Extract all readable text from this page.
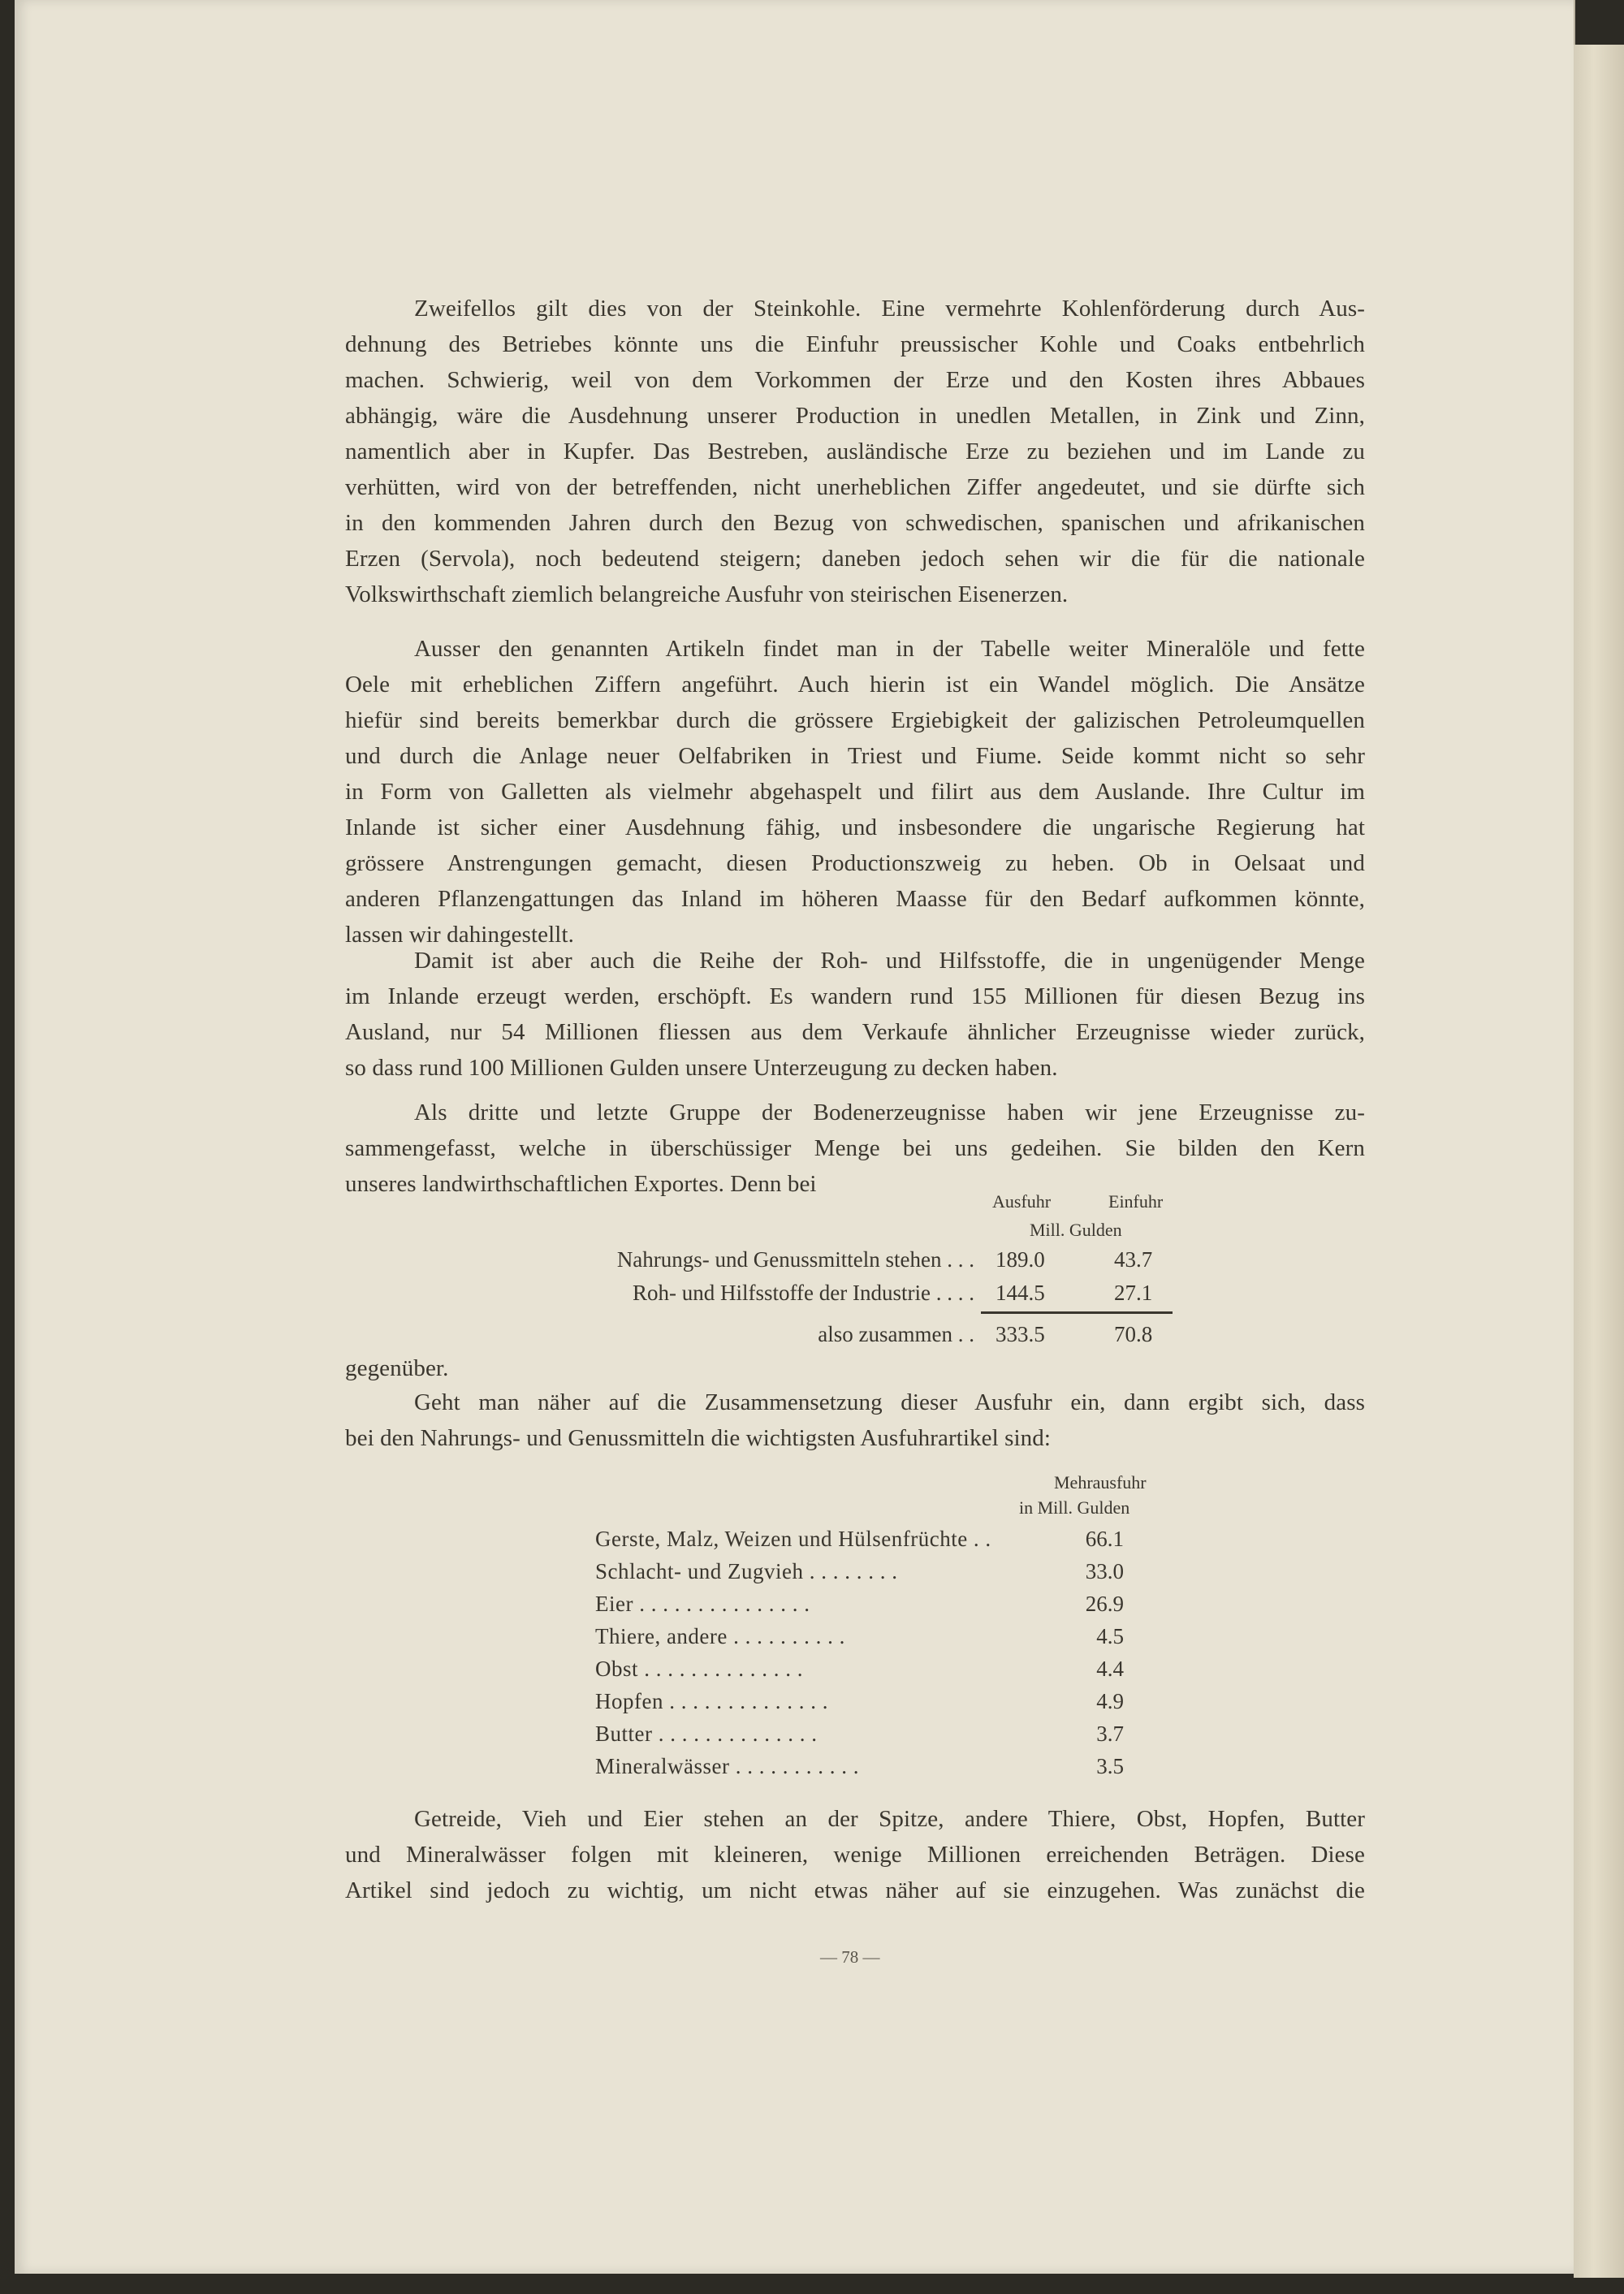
Zweifellos gilt dies von der Steinkohle. Eine vermehrte Kohlenförderung durch Aus-
dehnung des Betriebes könnte uns die Einfuhr preussischer Kohle und Coaks entbehrlich
machen. Schwierig, weil von dem Vorkommen der Erze und den Kosten ihres Abbaues
abhängig, wäre die Ausdehnung unserer Production in unedlen Metallen, in Zink und Zinn,
namentlich aber in Kupfer. Das Bestreben, ausländische Erze zu beziehen und im Lande zu
verhütten, wird von der betreffenden, nicht unerheblichen Ziffer angedeutet, und sie dürfte sich
in den kommenden Jahren durch den Bezug von schwedischen, spanischen und afrikanischen
Erzen (Servola), noch bedeutend steigern; daneben jedoch sehen wir die für die nationale
Volkswirthschaft ziemlich belangreiche Ausfuhr von steirischen Eisenerzen.
Ausser den genannten Artikeln findet man in der Tabelle weiter Mineralöle und fette
Oele mit erheblichen Ziffern angeführt. Auch hierin ist ein Wandel möglich. Die Ansätze
hiefür sind bereits bemerkbar durch die grössere Ergiebigkeit der galizischen Petroleumquellen
und durch die Anlage neuer Oelfabriken in Triest und Fiume. Seide kommt nicht so sehr
in Form von Galletten als vielmehr abgehaspelt und filirt aus dem Auslande. Ihre Cultur im
Inlande ist sicher einer Ausdehnung fähig, und insbesondere die ungarische Regierung hat
grössere Anstrengungen gemacht, diesen Productionszweig zu heben. Ob in Oelsaat und
anderen Pflanzengattungen das Inland im höheren Maasse für den Bedarf aufkommen könnte,
lassen wir dahingestellt.
Damit ist aber auch die Reihe der Roh- und Hilfsstoffe, die in ungenügender Menge
im Inlande erzeugt werden, erschöpft. Es wandern rund 155 Millionen für diesen Bezug ins
Ausland, nur 54 Millionen fliessen aus dem Verkaufe ähnlicher Erzeugnisse wieder zurück,
so dass rund 100 Millionen Gulden unsere Unterzeugung zu decken haben.
Als dritte und letzte Gruppe der Bodenerzeugnisse haben wir jene Erzeugnisse zu-
sammengefasst, welche in überschüssiger Menge bei uns gedeihen. Sie bilden den Kern
unseres landwirthschaftlichen Exportes. Denn bei
gegenüber.
Geht man näher auf die Zusammensetzung dieser Ausfuhr ein, dann ergibt sich, dass
bei den Nahrungs- und Genussmitteln die wichtigsten Ausfuhrartikel sind:
Getreide, Vieh und Eier stehen an der Spitze, andere Thiere, Obst, Hopfen, Butter
und Mineralwässer folgen mit kleineren, wenige Millionen erreichenden Beträgen. Diese
Artikel sind jedoch zu wichtig, um nicht etwas näher auf sie einzugehen. Was zunächst die
Ausfuhr	Einfuhr
Mill. Gulden
Nahrungs- und Genussmitteln stehen . . . 189.0	43.7
Roh- und Hilfsstoffe der Industrie . . . . 144.5	27.1
also zusammen . . 333.5	70.8
Mehrausfuhr
in Mill. Gulden
Gerste, Malz, Weizen und Hülsenfrüchte . .	66.1
Schlacht- und Zugvieh . . . . . . . .	33.0
Eier . . . . . . . . . . . . . . .	26.9
Thiere, andere . . . . . . . . . .	4.5
Obst . . . . . . . . . . . . . .	4.4
Hopfen . . . . . . . . . . . . . .	4.9
Butter . . . . . . . . . . . . . .	3.7
Mineralwässer . . . . . . . . . . .	3.5
— 78 —
